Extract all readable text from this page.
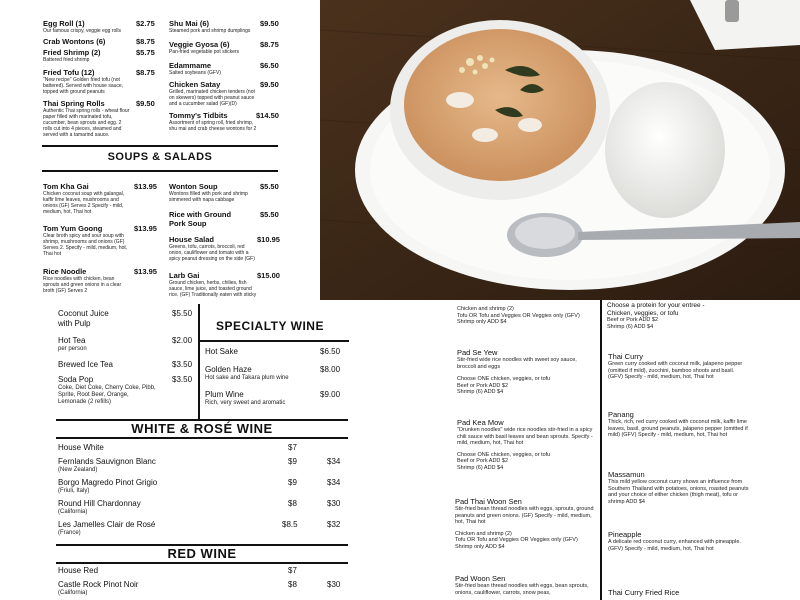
Egg Roll (1)
Our famous crispy, veggie egg rolls
$2.75
Crab Wontons (6)	$8.75
Fried Shrimp (2)
Battered fried shrimp
$5.75
Fried Tofu (12)
"New recipe" Golden fried tofu (not battered). Served with house sauce, topped with ground peanuts
$8.75
Thai Spring Rolls
Authentic Thai spring rolls - wheat flour paper filled with marinated tofu, cucumber, bean sprouts and egg. 2 rolls cut into 4 pieces, steamed and served with a tamarind sauce.
$9.50
Shu Mai (6)
Steamed pork and shrimp dumplings
$9.50
Veggie Gyosa (6)
Pan-fried vegetable pot stickers
$8.75
Edammame
Salted soybeans (GFV)
$6.50
Chicken Satay
Grilled, marinated chicken tenders (not on skewers) topped with peanut sauce and a cucumber salad (GF)(D)
$9.50
Tommy's Tidbits
Assortment of spring roll, fried shrimp, shu mai and crab cheese wontons for 2
$14.50
SOUPS & SALADS
Tom Kha Gai
Chicken coconut soup with galangal, kaffir lime leaves, mushrooms and onions (GF) Serves 2 Specify - mild, medium, hot, Thai hot
$13.95
Tom Yum Goong
Clear broth spicy and sour soup with shrimp, mushrooms and onions (GF) Serves 2. Specify - mild, medium, hot, Thai hot
$13.95
Rice Noodle
Rice noodles with chicken, bean sprouts and green onions in a clear broth (GF) Serves 2
$13.95
Wonton Soup
Wontons filled with pork and shrimp simmered with napa cabbage
$5.50
Rice with Ground Pork Soup
$5.50
House Salad
Greens, tofu, carrots, broccoli, red onion, cauliflower and tomato with a spicy peanut dressing on the side (GF)
$10.95
Larb Gai
Ground chicken, herbs, chilies, fish sauce, lime juice, and toasted ground rice. (GF) Traditionally eaten with sticky
$15.00
Coconut Juice
with Pulp
$5.50
Hot Tea
per person
$2.00
Brewed Ice Tea	$3.50
Soda Pop
Coke, Diet Coke, Cherry Coke, Pibb, Sprite, Root Beer, Orange, Lemonade (2 refills)
$3.50
SPECIALTY WINE
Hot Sake	$6.50
Golden Haze
Hot sake and Takara plum wine
$8.00
Plum Wine
Rich, very sweet and aromatic
$9.00
WHITE & ROSÉ WINE
House White	$7
Fernlands Sauvignon Blanc
(New Zealand)
$9	$34
Borgo Magredo Pinot Grigio
(Friuli, Italy)
$9	$34
Round Hill Chardonnay
(California)
$8	$30
Les Jamelles Clair de Rosé
(France)
$8.5	$32
RED WINE
House Red	$7
Castle Rock Pinot Noir
(California)
$8	$30
Chicken and shrimp (2)
Tofu OR Tofu and Veggies OR Veggies only (GFV)
Shrimp only ADD $4
Pad Se Yew
Stir-fried wide rice noodles with sweet soy sauce, broccoli and eggs
Choose ONE chicken, veggies, or tofu
Beef or Pork ADD $2
Shrimp (6) ADD $4
Pad Kea Mow
"Drunken noodles" wide rice noodles stir-fried in a spicy chili sauce with basil leaves and bean sprouts. Specify - mild, medium, hot, Thai hot
Choose ONE chicken, veggies, or tofu
Beef or Pork ADD $2
Shrimp (6) ADD $4
Pad Thai Woon Sen
Stir-fried bean thread noodles with eggs, sprouts, ground peanuts and green onions. (GF) Specify - mild, medium, hot, Thai hot
Chicken and shrimp (2)
Tofu OR Tofu and Veggies OR Veggies only (GFV)
Shrimp only ADD $4
Pad Woon Sen
Stir-fried bean thread noodles with eggs, bean sprouts, onions, cauliflower, carrots, snow peas,
Choose a protein for your entree -
Chicken, veggies, or tofu
Beef or Pork ADD $2
Shrimp (6) ADD $4
Thai Curry
Green curry cooked with coconut milk, jalapeno pepper (omitted if mild), zucchini, bamboo shoots and basil. (GFV) Specify - mild, medium, hot, Thai hot
Panang
Thick, rich, red curry cooked with coconut milk, kaffir lime leaves, basil, ground peanuts, jalapeno pepper (omitted if mild) (GFV) Specify - mild, medium, hot, Thai hot
Massamun
This mild yellow coconut curry shows an influence from Southern Thailand with potatoes, onions, roasted peanuts and your choice of either chicken (thigh meat), tofu or shrimp ADD $4
Pineapple
A delicate red coconut curry, enhanced with pineapple. (GFV) Specify - mild, medium, hot, Thai hot
Thai Curry Fried Rice
